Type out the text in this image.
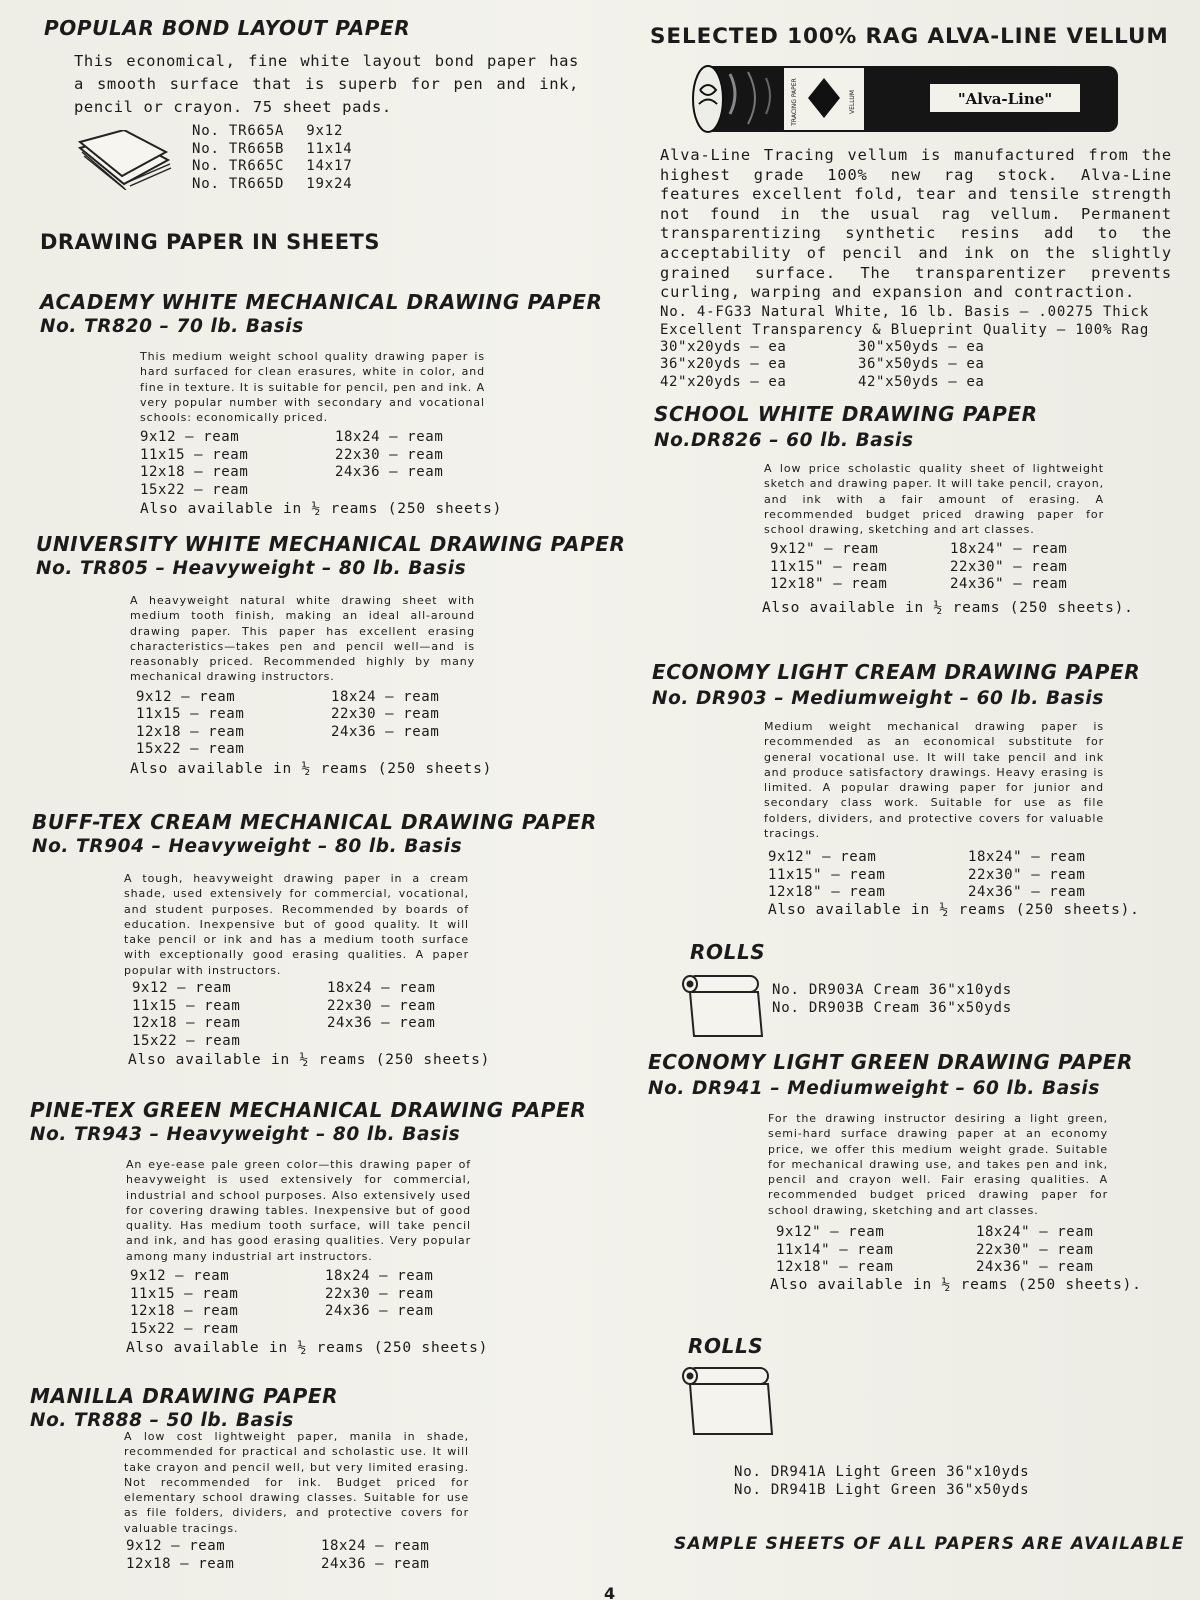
POPULAR BOND LAYOUT PAPER

This economical, fine white layout bond paper has a smooth surface that is superb for pen and ink, pencil or crayon. 75 sheet pads.

No. TR665A 9x12
No. TR665B 11x14
No. TR665C 14x17
No. TR665D 19x24
DRAWING PAPER IN SHEETS
ACADEMY WHITE MECHANICAL DRAWING PAPER
No. TR820 – 70 lb. Basis

This medium weight school quality drawing paper is hard surfaced for clean erasures, white in color, and fine in texture. It is suitable for pencil, pen and ink. A very popular number with secondary and vocational schools: economically priced.

9x12 — ream	18x24 — ream
11x15 — ream	22x30 — ream
12x18 — ream	24x36 — ream
15x22 — ream
Also available in ½ reams (250 sheets)
UNIVERSITY WHITE MECHANICAL DRAWING PAPER
No. TR805 – Heavyweight – 80 lb. Basis

A heavyweight natural white drawing sheet with medium tooth finish, making an ideal all-around drawing paper. This paper has excellent erasing characteristics—takes pen and pencil well—and is reasonably priced. Recommended highly by many mechanical drawing instructors.

9x12 — ream	18x24 — ream
11x15 — ream	22x30 — ream
12x18 — ream	24x36 — ream
15x22 — ream
Also available in ½ reams (250 sheets)
BUFF-TEX CREAM MECHANICAL DRAWING PAPER
No. TR904 – Heavyweight – 80 lb. Basis

A tough, heavyweight drawing paper in a cream shade, used extensively for commercial, vocational, and student purposes. Recommended by boards of education. Inexpensive but of good quality. It will take pencil or ink and has a medium tooth surface with exceptionally good erasing qualities. A paper popular with instructors.

9x12 — ream	18x24 — ream
11x15 — ream	22x30 — ream
12x18 — ream	24x36 — ream
15x22 — ream
Also available in ½ reams (250 sheets)
PINE-TEX GREEN MECHANICAL DRAWING PAPER
No. TR943 – Heavyweight – 80 lb. Basis

An eye-ease pale green color—this drawing paper of heavyweight is used extensively for commercial, industrial and school purposes. Also extensively used for covering drawing tables. Inexpensive but of good quality. Has medium tooth surface, will take pencil and ink, and has good erasing qualities. Very popular among many industrial art instructors.

9x12 — ream	18x24 — ream
11x15 — ream	22x30 — ream
12x18 — ream	24x36 — ream
15x22 — ream
Also available in ½ reams (250 sheets)
MANILLA DRAWING PAPER
No. TR888 – 50 lb. Basis

A low cost lightweight paper, manila in shade, recommended for practical and scholastic use. It will take crayon and pencil well, but very limited erasing. Not recommended for ink. Budget priced for elementary school drawing classes. Suitable for use as file folders, dividers, and protective covers for valuable tracings.

9x12 — ream	18x24 — ream
12x18 — ream	24x36 — ream
SELECTED 100% RAG ALVA-LINE VELLUM
"Alva-Line"
TRACING PAPER	VELLUM

Alva-Line Tracing vellum is manufactured from the highest grade 100% new rag stock. Alva-Line features excellent fold, tear and tensile strength not found in the usual rag vellum. Permanent transparentizing synthetic resins add to the acceptability of pencil and ink on the slightly grained surface. The transparentizer prevents curling, warping and expansion and contraction.

No. 4-FG33 Natural White, 16 lb. Basis — .00275 Thick
Excellent Transparency & Blueprint Quality — 100% Rag
30"x20yds — ea	30"x50yds — ea
36"x20yds — ea	36"x50yds — ea
42"x20yds — ea	42"x50yds — ea
SCHOOL WHITE DRAWING PAPER
No.DR826 – 60 lb. Basis

A low price scholastic quality sheet of lightweight sketch and drawing paper. It will take pencil, crayon, and ink with a fair amount of erasing. A recommended budget priced drawing paper for school drawing, sketching and art classes.

9x12" — ream	18x24" — ream
11x15" — ream	22x30" — ream
12x18" — ream	24x36" — ream
Also available in ½ reams (250 sheets).
ECONOMY LIGHT CREAM DRAWING PAPER
No. DR903 – Mediumweight – 60 lb. Basis

Medium weight mechanical drawing paper is recommended as an economical substitute for general vocational use. It will take pencil and ink and produce satisfactory drawings. Heavy erasing is limited. A popular drawing paper for junior and secondary class work. Suitable for use as file folders, dividers, and protective covers for valuable tracings.

9x12" — ream	18x24" — ream
11x15" — ream	22x30" — ream
12x18" — ream	24x36" — ream
Also available in ½ reams (250 sheets).
ROLLS
No. DR903A Cream 36"x10yds
No. DR903B Cream 36"x50yds
ECONOMY LIGHT GREEN DRAWING PAPER
No. DR941 – Mediumweight – 60 lb. Basis

For the drawing instructor desiring a light green, semi-hard surface drawing paper at an economy price, we offer this medium weight grade. Suitable for mechanical drawing use, and takes pen and ink, pencil and crayon well. Fair erasing qualities. A recommended budget priced drawing paper for school drawing, sketching and art classes.

9x12" — ream	18x24" — ream
11x14" — ream	22x30" — ream
12x18" — ream	24x36" — ream
Also available in ½ reams (250 sheets).
ROLLS
No. DR941A Light Green 36"x10yds
No. DR941B Light Green 36"x50yds
SAMPLE SHEETS OF ALL PAPERS ARE AVAILABLE
4
